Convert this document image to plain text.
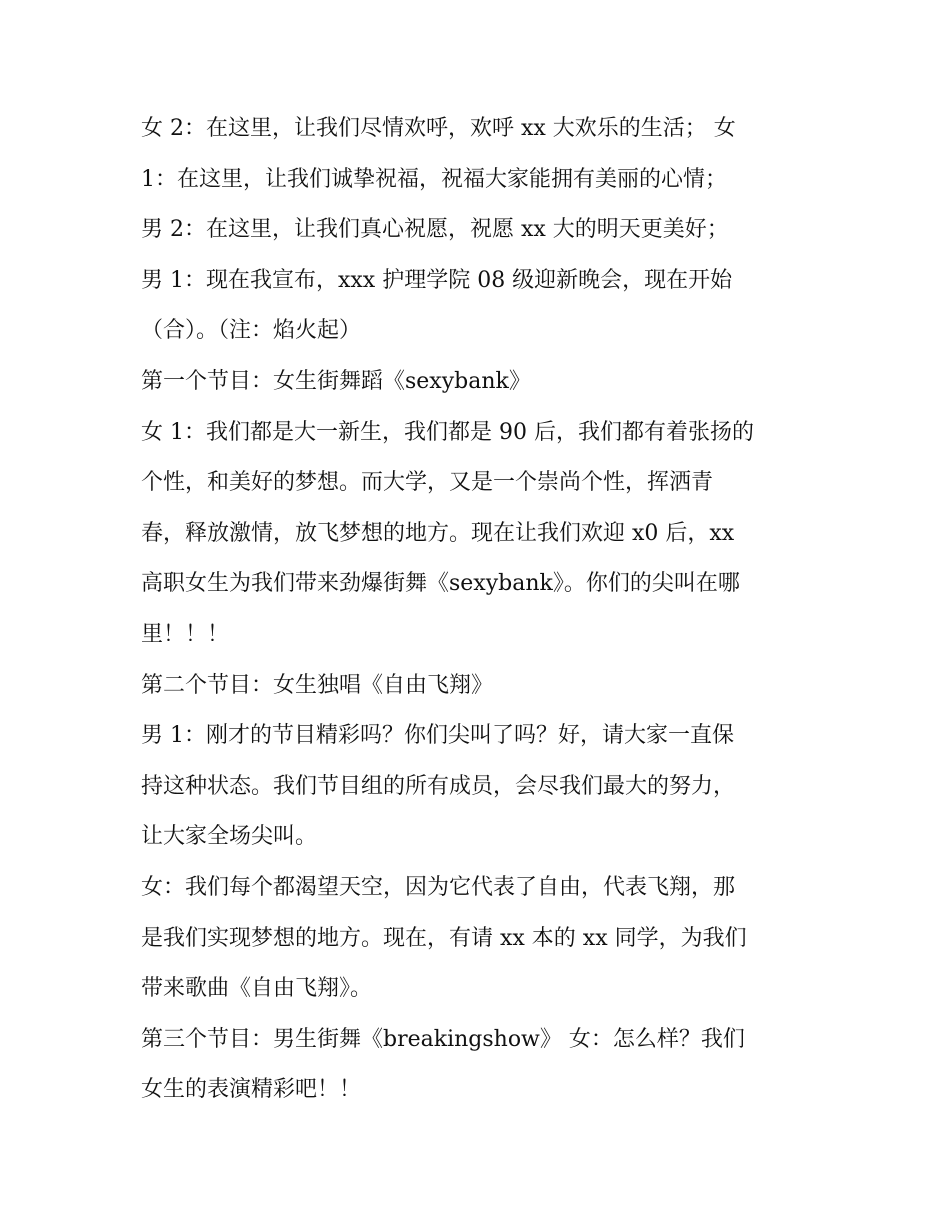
女 2：在这里，让我们尽情欢呼，欢呼 xx 大欢乐的生活； 女
1：在这里，让我们诚挚祝福，祝福大家能拥有美丽的心情；
男 2：在这里，让我们真心祝愿，祝愿 xx 大的明天更美好；
男 1：现在我宣布，xxx 护理学院 08 级迎新晚会，现在开始
（合）。（注：焰火起）
第一个节目：女生街舞蹈《sexybank》
女 1：我们都是大一新生，我们都是 90 后，我们都有着张扬的
个性，和美好的梦想。而大学，又是一个崇尚个性，挥洒青
春，释放激情，放飞梦想的地方。现在让我们欢迎 x0 后，xx
高职女生为我们带来劲爆街舞《sexybank》。你们的尖叫在哪
里！！！
第二个节目：女生独唱《自由飞翔》
男 1：刚才的节目精彩吗？你们尖叫了吗？好，请大家一直保
持这种状态。我们节目组的所有成员，会尽我们最大的努力，
让大家全场尖叫。
女：我们每个都渴望天空，因为它代表了自由，代表飞翔，那
是我们实现梦想的地方。现在，有请 xx 本的 xx 同学，为我们
带来歌曲《自由飞翔》。
第三个节目：男生街舞《breakingshow》 女：怎么样？我们
女生的表演精彩吧！！
